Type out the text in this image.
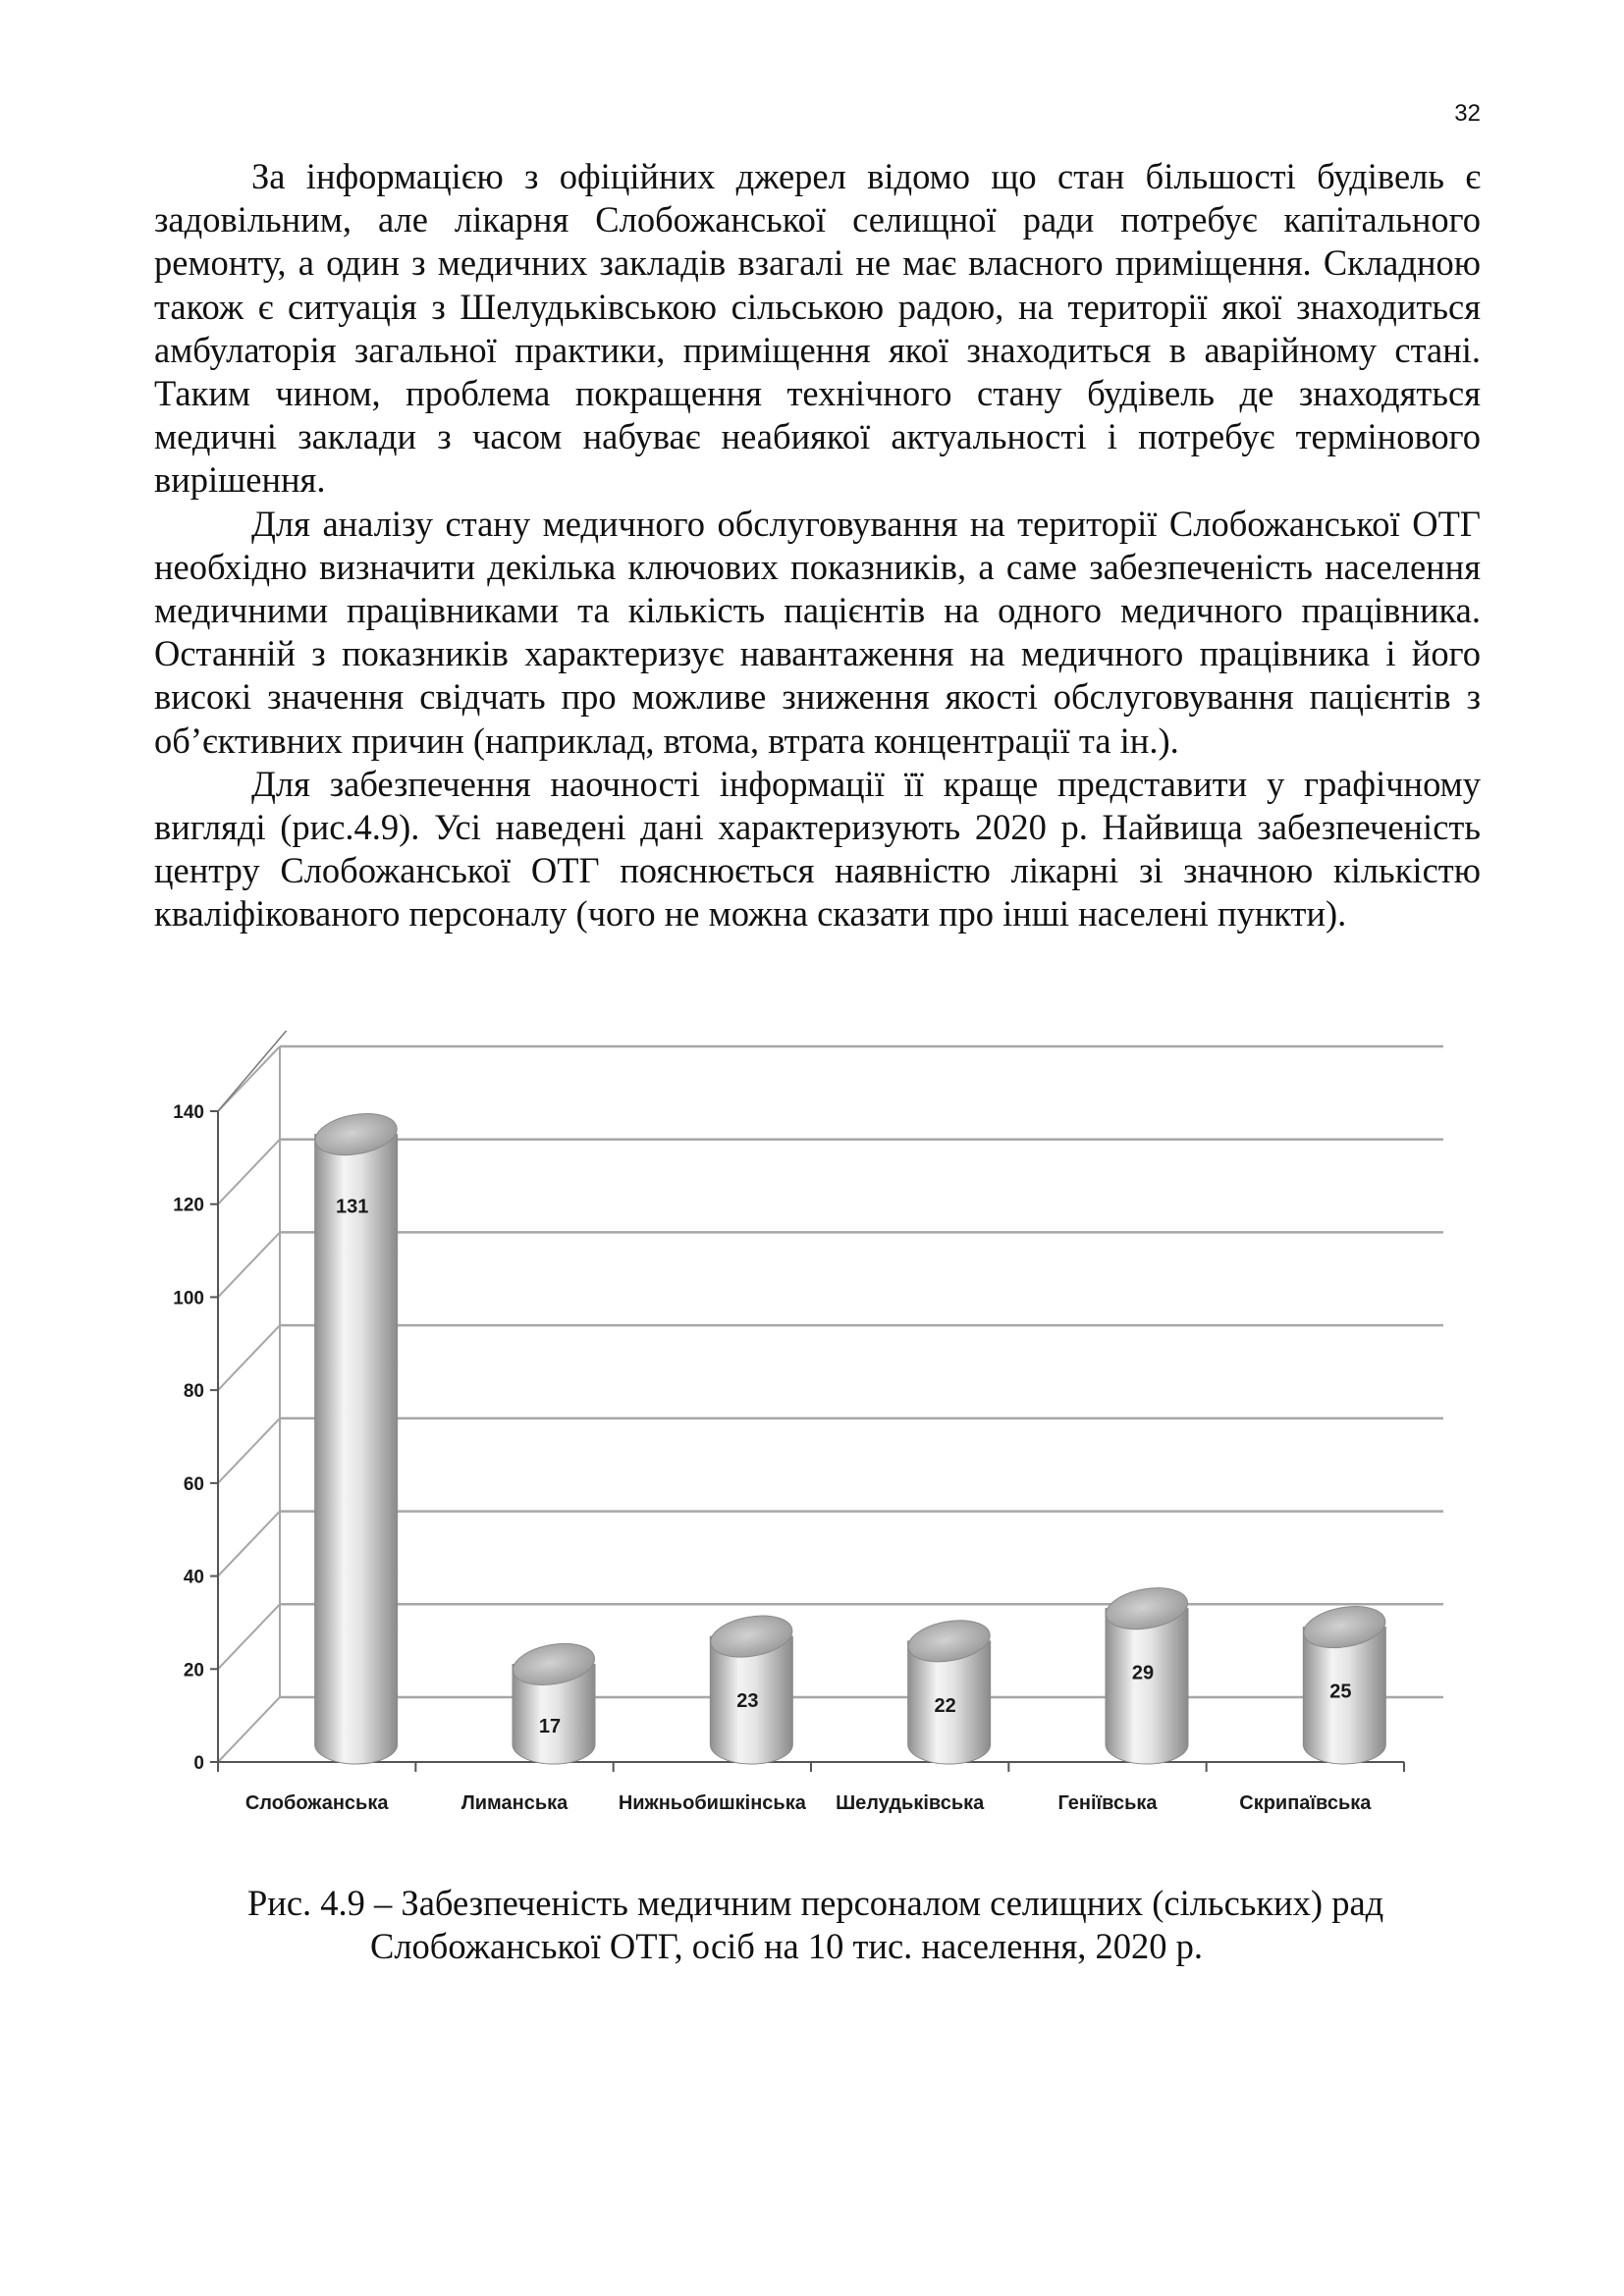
32

За інформацією з офіційних джерел відомо що стан більшості будівель є задовільним, але лікарня Слобожанської селищної ради потребує капітального ремонту, а один з медичних закладів взагалі не має власного приміщення. Складною також є ситуація з Шелудьківською сільською радою, на території якої знаходиться амбулаторія загальної практики, приміщення якої знаходиться в аварійному стані. Таким чином, проблема покращення технічного стану будівель де знаходяться медичні заклади з часом набуває неабиякої актуальності і потребує термінового вирішення.

Для аналізу стану медичного обслуговування на території Слобожанської ОТГ необхідно визначити декілька ключових показників, а саме забезпеченість населення медичними працівниками та кількість пацієнтів на одного медичного працівника. Останній з показників характеризує навантаження на медичного працівника і його високі значення свідчать про можливе зниження якості обслуговування пацієнтів з об’єктивних причин (наприклад, втома, втрата концентрації та ін.).

Для забезпечення наочності інформації її краще представити у графічному вигляді (рис.4.9). Усі наведені дані характеризують 2020 р. Найвища забезпеченість центру Слобожанської ОТГ пояснюється наявністю лікарні зі значною кількістю кваліфікованого персоналу (чого не можна сказати про інші населені пункти).

0
20
40
60
80
100
120
140
131
Слобожанська
17
Лиманська
23
Нижньобишкінська
22
Шелудьківська
29
Геніївська
25
Скрипаївська
Рис. 4.9 – Забезпеченість медичним персоналом селищних (сільських) рад
Слобожанської ОТГ, осіб на 10 тис. населення, 2020 р.
